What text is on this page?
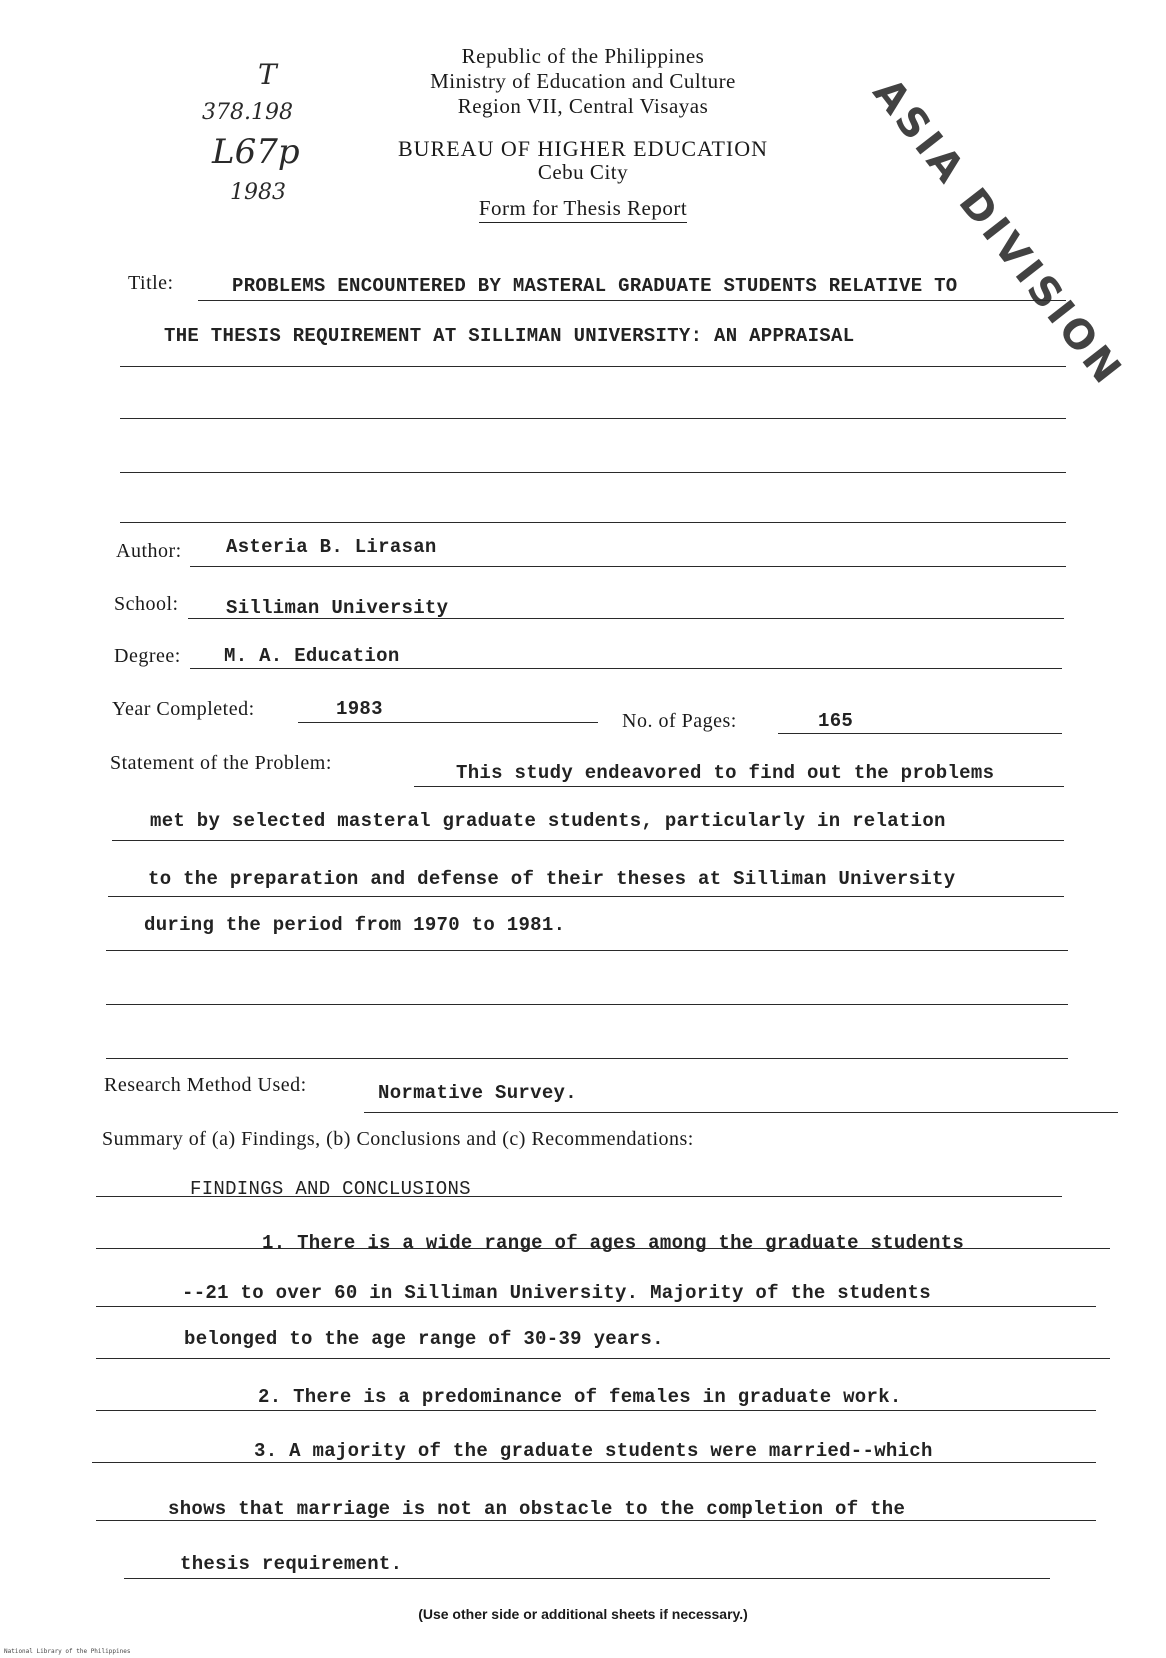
Republic of the Philippines
Ministry of Education and Culture
Region VII, Central Visayas
BUREAU OF HIGHER EDUCATION
Cebu City
Form for Thesis Report
T
378.198
L67p
1983	ASIA DIVISION
Title:	PROBLEMS ENCOUNTERED BY MASTERAL GRADUATE STUDENTS RELATIVE TO
THE THESIS REQUIREMENT AT SILLIMAN UNIVERSITY: AN APPRAISAL
Author: Asteria B. Lirasan
School: Silliman University
Degree: M. A. Education
Year Completed:	1983
No. of Pages:	165
Statement of the Problem:	This study endeavored to find out the problems
met by selected masteral graduate students, particularly in relation
to the preparation and defense of their theses at Silliman University
during the period from 1970 to 1981.
Research Method Used:	Normative Survey.
Summary of (a) Findings, (b) Conclusions and (c) Recommendations:
FINDINGS AND CONCLUSIONS
1. There is a wide range of ages among the graduate students
--21 to over 60 in Silliman University. Majority of the students
belonged to the age range of 30-39 years.
2. There is a predominance of females in graduate work.
3. A majority of the graduate students were married--which
shows that marriage is not an obstacle to the completion of the
thesis requirement.
(Use other side or additional sheets if necessary.)
National Library of the Philippines
